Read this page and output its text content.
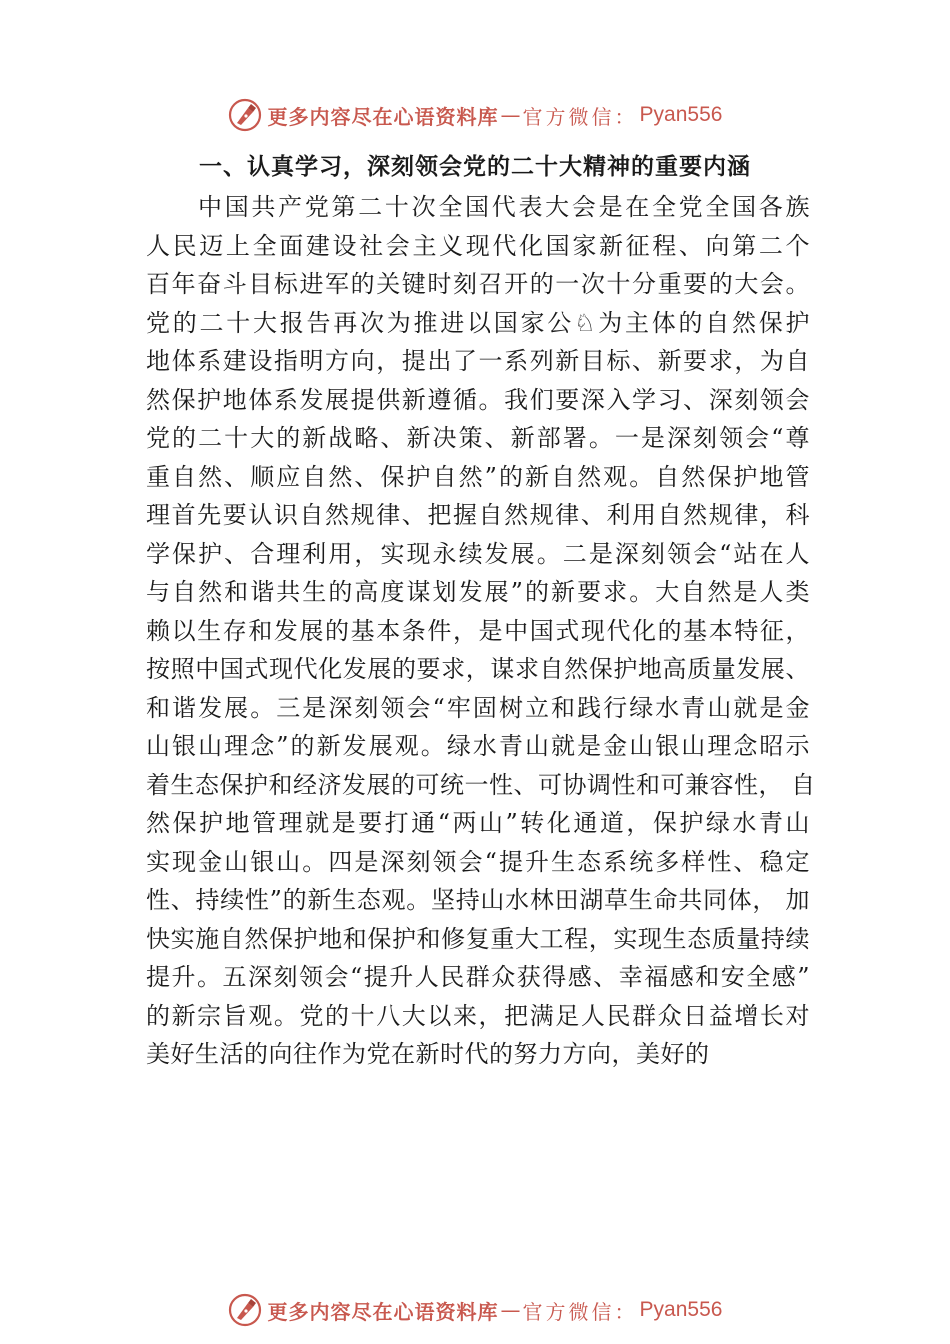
更多内容尽在心语资料库 — 官方微信： Pyan556
一、认真学习，深刻领会党的二十大精神的重要内涵
中国共产党第二十次全国代表大会是在全党全国各族
人民迈上全面建设社会主义现代化国家新征程、向第二个
百年奋斗目标进军的关键时刻召开的一次十分重要的大会。
党的二十大报告再次为推进以国家公♘为主体的自然保护
地体系建设指明方向，提出了一系列新目标、新要求，为自
然保护地体系发展提供新遵循。我们要深入学习、深刻领会
党的二十大的新战略、新决策、新部署。一是深刻领会“尊
重自然、顺应自然、保护自然”的新自然观。自然保护地管
理首先要认识自然规律、把握自然规律、利用自然规律，科
学保护、合理利用，实现永续发展。二是深刻领会“站在人
与自然和谐共生的高度谋划发展”的新要求。大自然是人类
赖以生存和发展的基本条件，是中国式现代化的基本特征，
按照中国式现代化发展的要求，谋求自然保护地高质量发展、
和谐发展。三是深刻领会“牢固树立和践行绿水青山就是金
山银山理念”的新发展观。绿水青山就是金山银山理念昭示
着生态保护和经济发展的可统一性、可协调性和可兼容性， 自
然保护地管理就是要打通“两山”转化通道，保护绿水青山
实现金山银山。四是深刻领会“提升生态系统多样性、稳定
性、持续性”的新生态观。坚持山水林田湖草生命共同体， 加
快实施自然保护地和保护和修复重大工程，实现生态质量持续
提升。五深刻领会“提升人民群众获得感、幸福感和安全感”
的新宗旨观。党的十八大以来，把满足人民群众日益增长对
美好生活的向往作为党在新时代的努力方向，美好的
更多内容尽在心语资料库 — 官方微信： Pyan556
